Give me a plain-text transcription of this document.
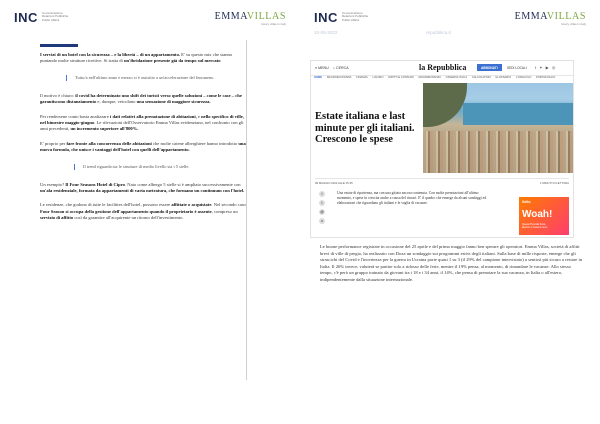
INC Comunicazione Relazioni Pubbliche Public Affairs	EMMAVILLAS
luxury villas in italy

I servizi di un hotel con la sicurezza – e la libertà – di un appartamento. E' su questo mix che stanno puntando molte strutture ricettive. Si tratta di un'ibridazione presente già da tempo sul mercato

Tutto/a nell'ultimo anno e mezzo si è assistito a un'accelerazione del fenomeno.

Il motivo è chiaro: il covid ha determinato uno shift dei turisti verso quelle soluzioni – come le case – che garantiscono distanziamento e, dunque, veicolano una sensazione di maggiore sicurezza.

Per rendersene conto basta analizzare i dati relativi alla prenotazione di abitazioni, e nello specifico di ville, nel bimestre maggio-giugno. Le rilevazioni dell'Osservatorio Emma Villas evidenziano, nel confronto con gli anni precedenti, un incremento superiore all'800%.

E' proprio per fare fronte alla concorrenza delle abitazioni che molte catene alberghiere hanno introdotto una nuova formula, che unisce i vantaggi dell'hotel con quelli dell'appartamento.

Il trend riguarda sia le strutture di medio livello sia i 5 stelle.

Un esempio? Il Four Seasons Hotel di Cipro. Nato come albergo 5 stelle si è ampliato successivamente con un'ala residenziale, formata da appartamenti di varia metratura, che formano un continuum con l'hotel.

Le residenze, che godono di tutte le facilities dell'hotel, possono essere affittate o acquistate. Nel secondo caso Four Season si occupa della gestione dell'appartamento quando il proprietario è assente, compreso un servizio di affitto così da garantire all'acquirente un ritorno dell'investimento.

INC Comunicazione Relazioni Pubbliche Public Affairs	EMMAVILLAS
luxury villas in italy
10-06-2022	repubblica.it
≡ MENU ⌕ CERCA	la Repubblica	ABBONATI	SEDI LOCALI f ✦ ▶ ◎
HOME MACROECONOMIA FINANZA LAVORO DIRITTI E CONSUMI AFFARI&FINANZA OSSERVA ITALIA CALCOLATORI GLOSSARIO L'ORACOLO PORTAFOGLIO
Estate italiana e last minute per gli italiani. Crescono le spese
09 MAGGIO 2022 ALLE 15:35	1 MINUTI DI LETTURA
f
t
@
∞
Una estate di ripartenza, ma con una gittata ancora contenuta. Con molte prenotazioni all'ultimo momento, e spese in crescita anche a causa del rincari. E' il quadro che emerge da alcuni sondaggi ed elaborazioni che riguardano gli italiani e le vaglia di vacanze.	Sello
Woah!
Questo Hyundai Kona Electric vi costerà meno
Le buone performance registrate in occasione del 25 aprile e del primo maggio fanno ben sperare gli operatori. Emma Villas, società di affitti brevi di ville di pregio, ha realizzato con Doxa un sondaggio sui programmi estivi degli italiani. Sulla base di mille risposte, emerge che gli strascichi del Covid e l'incertezza per la guerra in Ucraina porte quasi 1 su 3 (il 29% del campione intervistato) a sentirsi più sicuro a restare in Italia. Il 26% invece, valuterà se partire solo a ridosso delle ferie, mentre il 19% pensa, al momento, di rimandare le vacanze. Allo stesso tempo, c'è però un gruppo trainato da giovani tra i 18 e i 34 anni, il 14%, che pensa di prenotare la sua vacanza, in Italia o all'estero, indipendentemente dalla situazione internazionale.
